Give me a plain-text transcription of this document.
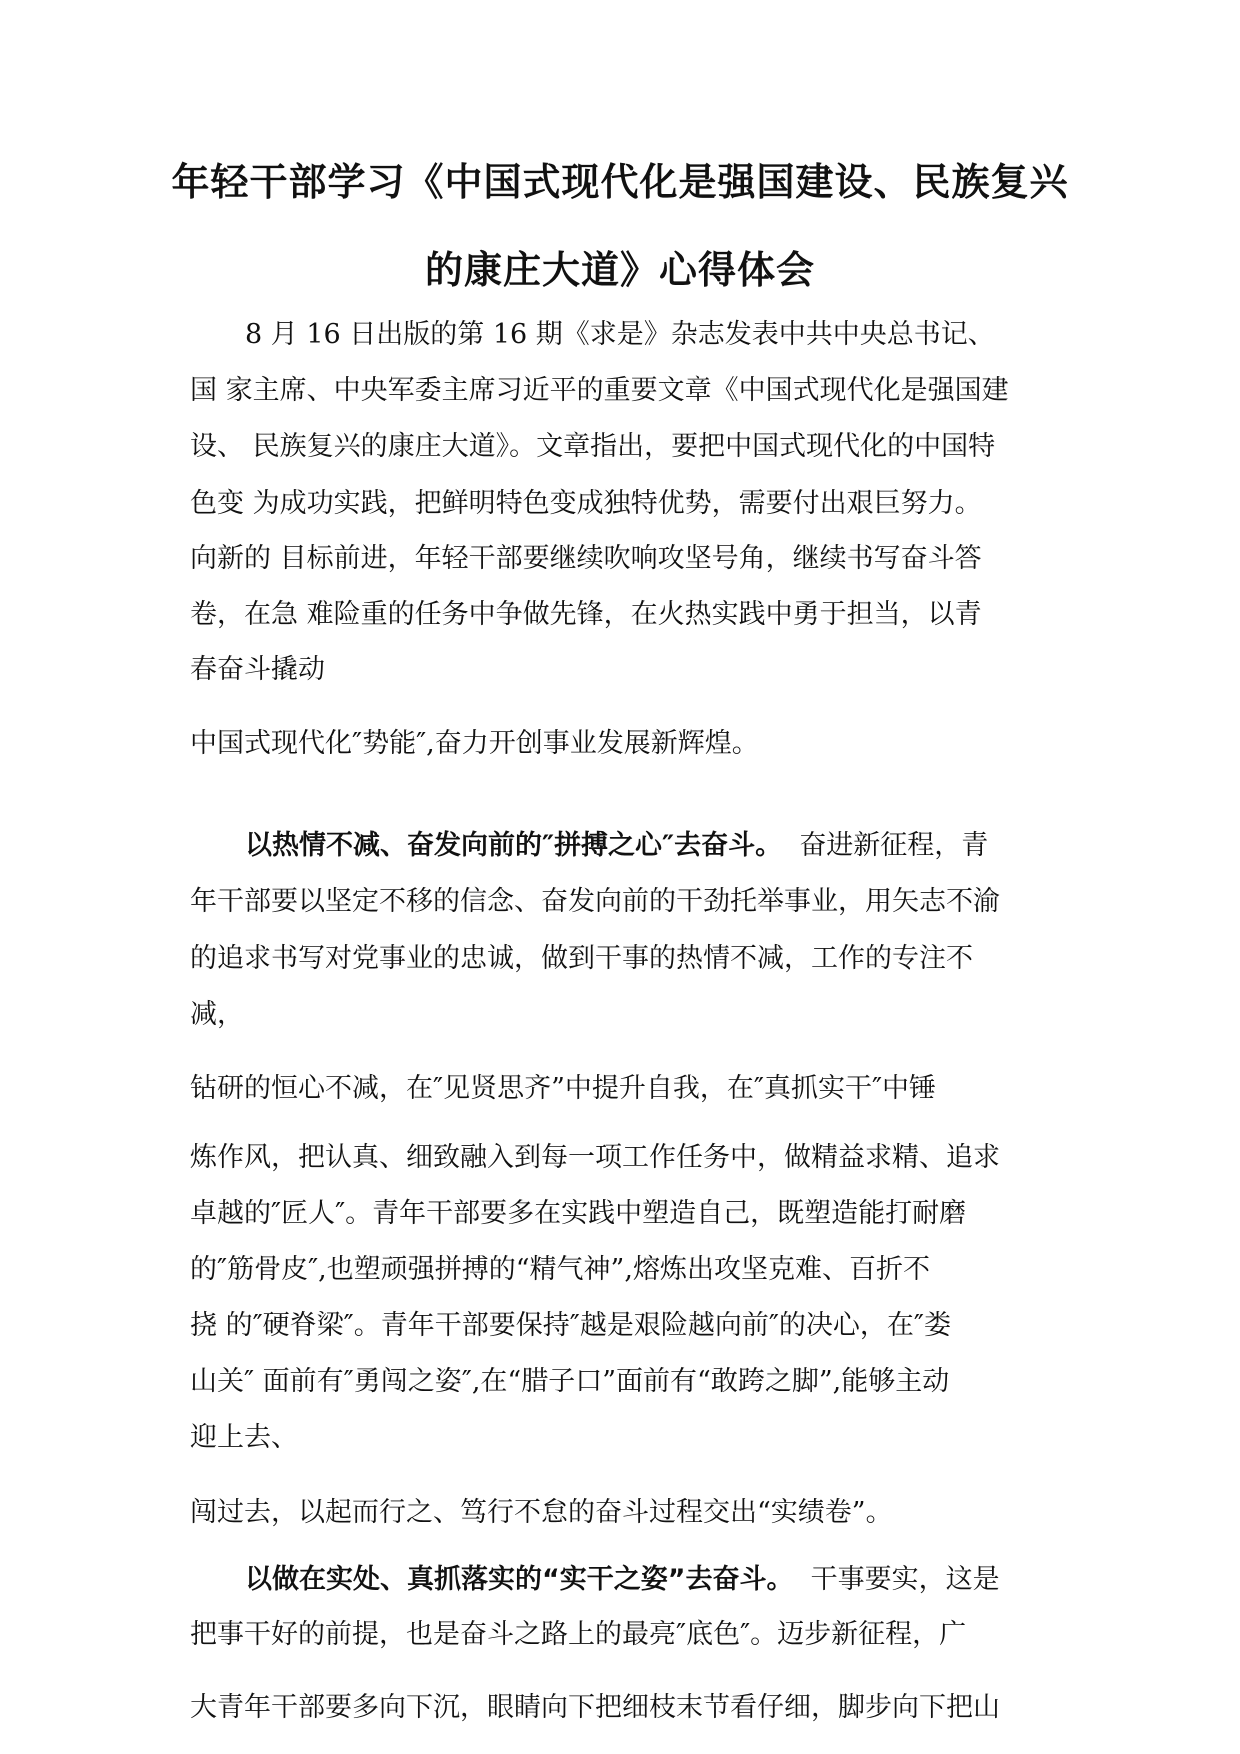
年轻干部学习《中国式现代化是强国建设、民族复兴
的康庄大道》心得体会
8 月 16 日出版的第 16 期《求是》杂志发表中共中央总书记、
国 家主席、中央军委主席习近平的重要文章《中国式现代化是强国建
设、 民族复兴的康庄大道》。文章指出，要把中国式现代化的中国特
色变 为成功实践，把鲜明特色变成独特优势，需要付出艰巨努力。
向新的 目标前进，年轻干部要继续吹响攻坚号角，继续书写奋斗答
卷，在急 难险重的任务中争做先锋，在火热实践中勇于担当，以青
春奋斗撬动
中国式现代化″势能″,奋力开创事业发展新辉煌。
以热情不减、奋发向前的″拼搏之心″去奋斗。 奋进新征程，青
年干部要以坚定不移的信念、奋发向前的干劲托举事业，用矢志不渝
的追求书写对党事业的忠诚，做到干事的热情不减，工作的专注不
减，
钻研的恒心不减，在″见贤思齐”中提升自我，在″真抓实干″中锤
炼作风，把认真、细致融入到每一项工作任务中，做精益求精、追求
卓越的″匠人″。青年干部要多在实践中塑造自己，既塑造能打耐磨
的″筋骨皮″,也塑顽强拼搏的“精气神”,熔炼出攻坚克难、百折不
挠 的″硬脊梁″。青年干部要保持″越是艰险越向前″的决心，在″娄
山关″ 面前有″勇闯之姿″,在“腊子口”面前有“敢跨之脚”,能够主动
迎上去、
闯过去，以起而行之、笃行不怠的奋斗过程交出“实绩卷”。
以做在实处、真抓落实的“实干之姿”去奋斗。 干事要实，这是
把事干好的前提，也是奋斗之路上的最亮″底色″。迈步新征程，广
大青年干部要多向下沉，眼睛向下把细枝末节看仔细，脚步向下把山
